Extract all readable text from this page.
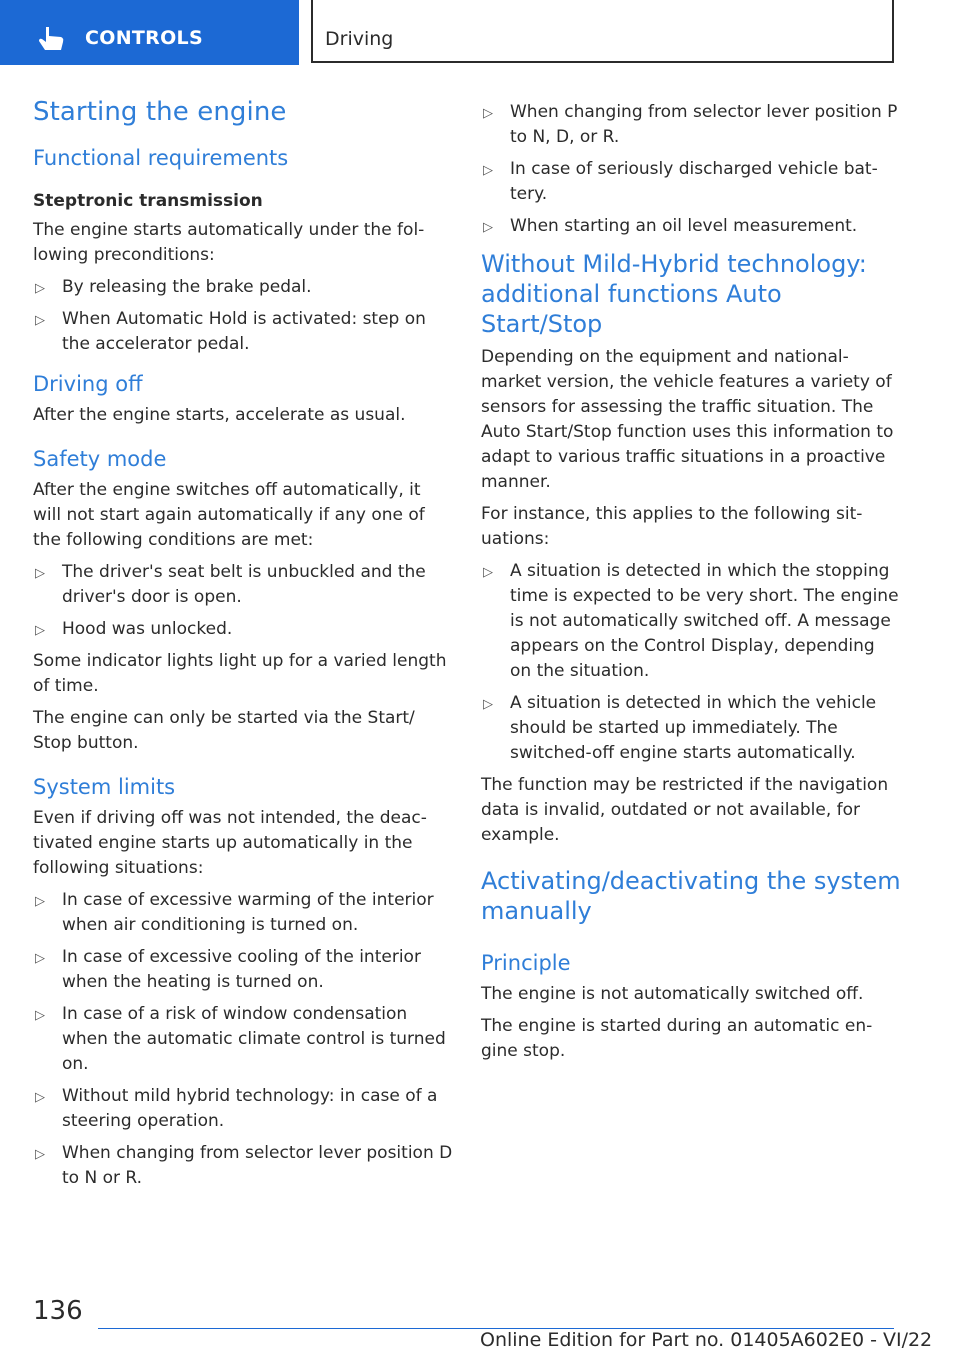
CONTROLS	Driving
Starting the engine
Functional requirements
Steptronic transmission

The engine starts automatically under the following preconditions:

▷ By releasing the brake pedal.
▷ When Automatic Hold is activated: step on the accelerator pedal.
Driving off

After the engine starts, accelerate as usual.

Safety mode

After the engine switches off automatically, it will not start again automatically if any one of the following conditions are met:

▷ The driver's seat belt is unbuckled and the driver's door is open.
▷ Hood was unlocked.

Some indicator lights light up for a varied length of time.

The engine can only be started via the Start/ Stop button.

System limits

Even if driving off was not intended, the deactivated engine starts up automatically in the following situations:

▷ In case of excessive warming of the interior when air conditioning is turned on.
▷ In case of excessive cooling of the interior when the heating is turned on.
▷ In case of a risk of window condensation when the automatic climate control is turned on.
▷ Without mild hybrid technology: in case of a steering operation.
▷ When changing from selector lever position D to N or R.
▷ When changing from selector lever position P to N, D, or R.
▷ In case of seriously discharged vehicle battery.
▷ When starting an oil level measurement.
Without Mild-Hybrid technology: additional functions Auto Start/Stop

Depending on the equipment and national-market version, the vehicle features a variety of sensors for assessing the traffic situation. The Auto Start/Stop function uses this information to adapt to various traffic situations in a proactive manner.

For instance, this applies to the following situations:

▷ A situation is detected in which the stopping time is expected to be very short. The engine is not automatically switched off. A message appears on the Control Display, depending on the situation.
▷ A situation is detected in which the vehicle should be started up immediately. The switched-off engine starts automatically.

The function may be restricted if the navigation data is invalid, outdated or not available, for example.

Activating/deactivating the system manually
Principle

The engine is not automatically switched off.

The engine is started during an automatic engine stop.

136
Online Edition for Part no. 01405A602E0 - VI/22
